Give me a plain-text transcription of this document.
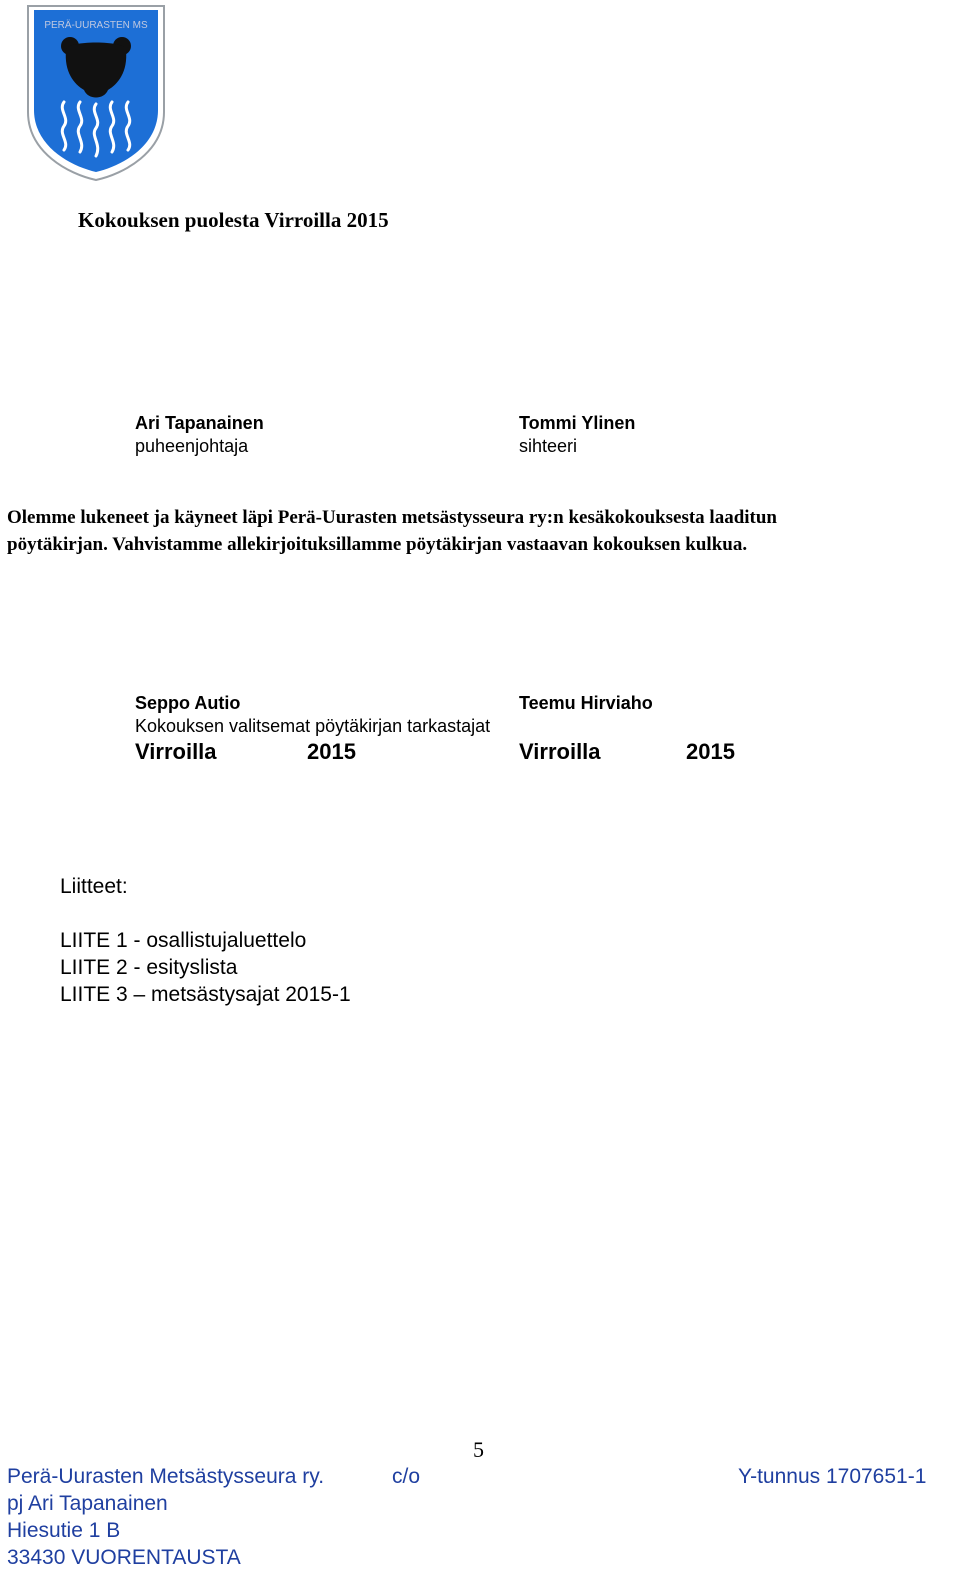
PERÄ-UURASTEN MS
Kokouksen puolesta Virroilla 2015
Ari Tapanainen
puheenjohtaja
Tommi Ylinen
sihteeri
Olemme lukeneet ja käyneet läpi Perä-Uurasten metsästysseura ry:n kesäkokouksesta laaditun
pöytäkirjan. Vahvistamme allekirjoituksillamme pöytäkirjan vastaavan kokouksen kulkua.
Seppo Autio	Teemu Hirviaho
Kokouksen valitsemat pöytäkirjan tarkastajat
Virroilla	2015	Virroilla	2015
Liitteet:
LIITE 1 - osallistujaluettelo
LIITE 2 - esityslista
LIITE 3 – metsästysajat 2015-1
5
Perä-Uurasten Metsästysseura ry.	c/o	Y-tunnus 1707651-1
pj Ari Tapanainen
Hiesutie 1 B
33430 VUORENTAUSTA
